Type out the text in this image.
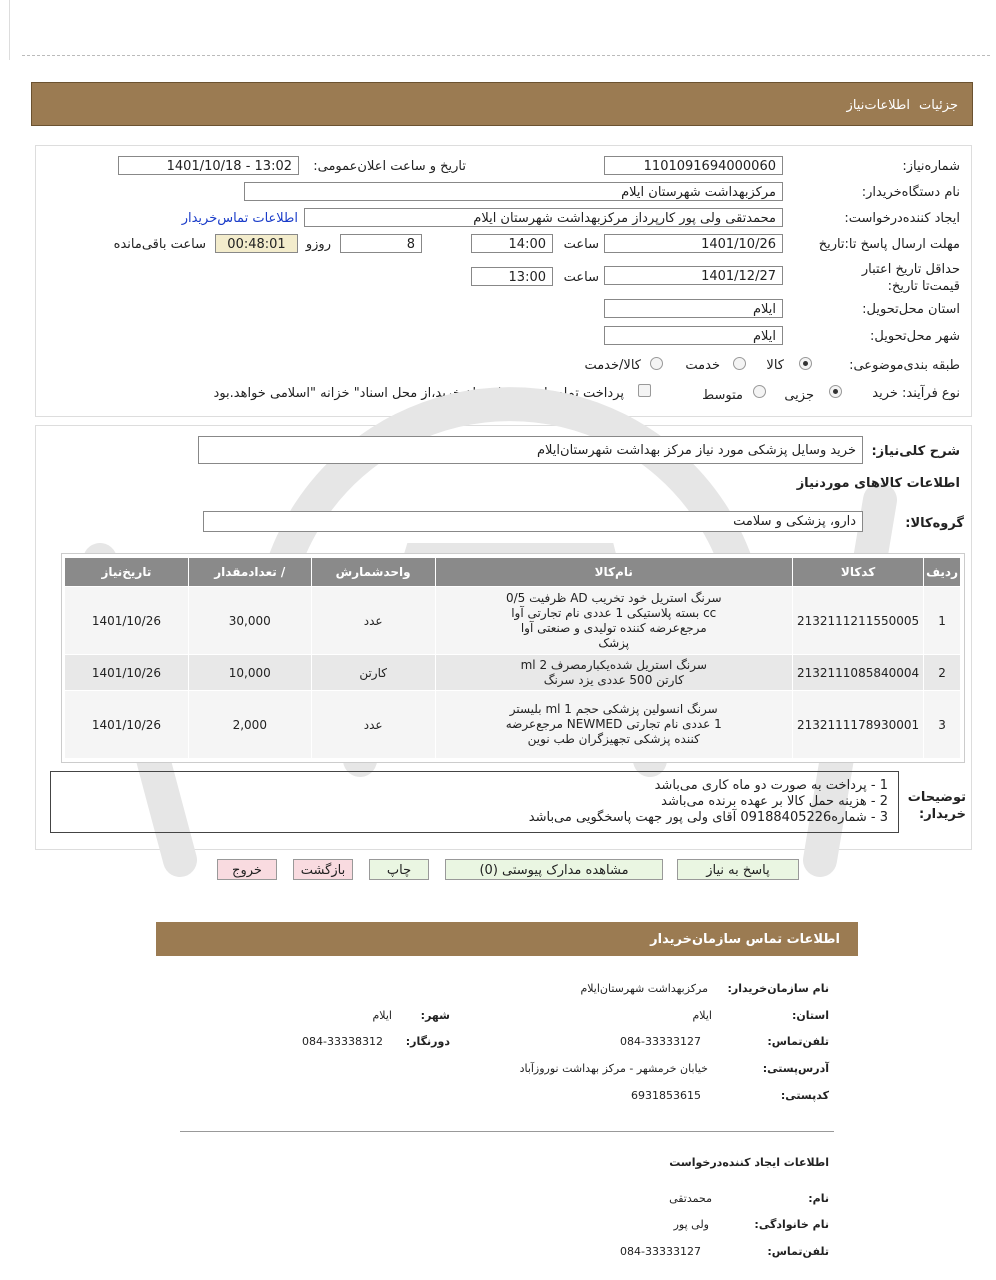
جزئیات
اطلاعات‌نیاز
شماره‌نیاز:
1101091694000060
تاریخ و ساعت اعلان‌عمومی:
1401/10/18 - 13:02
نام دستگاه‌خریدار:
مرکزبهداشت شهرستان ایلام
ایجاد کننده‌درخواست:
محمدتقی ولی پور کارپرداز مرکزبهداشت شهرستان ایلام
اطلاعات تماس‌خریدار
مهلت ارسال پاسخ تا:تاریخ
1401/10/26
ساعت
14:00
8
روزو
00:48:01
ساعت باقی‌مانده
حداقل تاریخ اعتبار قیمت‌تا تاریخ:
1401/12/27
ساعت
13:00
استان محل‌تحویل:
ایلام
شهر محل‌تحویل:
ایلام
طبقه بندی‌موضوعی:
کالا
خدمت
کالا/خدمت
نوع فرآیند: خرید
جزیی
متوسط
پرداخت تمام یا بخشی از مبلغ خرید،از محل اسناد" خزانه "اسلامی خواهد.بود
شرح کلی‌نیاز:
خرید وسایل پزشکی مورد نیاز مرکز بهداشت شهرستان‌ایلام
اطلاعات کالاهای موردنیاز
گروه‌کالا:
دارو، پزشکی و سلامت
ردیف	کدکالا	نام‌کالا	واحدشمارش	/ تعدادمقدار	تاریخ‌نیاز
1	2132111211550005	سرنگ استریل خود تخریب AD ظرفیت 0/5 cc بسته پلاستیکی 1 عددی نام تجارتی آوا مرجع‌عرضه کننده تولیدی و صنعتی آوا پزشک	عدد	30,000	1401/10/26
2	2132111085840004	سرنگ استریل شده‌یکبارمصرف 2 ml کارتن 500 عددی یزد سرنگ	کارتن	10,000	1401/10/26
3	2132111178930001	سرنگ انسولین پزشکی حجم 1 ml بلیستر 1 عددی نام تجارتی NEWMED مرجع‌عرضه کننده پزشکی تجهیزگران طب نوین	عدد	2,000	1401/10/26
توضیحات خریدار:
1 - پرداخت به صورت دو ماه کاری می‌باشد
2 - هزینه حمل کالا بر عهده برنده می‌باشد
3 - شماره09188405226 آقای ولی پور جهت پاسخگویی می‌باشد
پاسخ به نیاز
مشاهده مدارک پیوستی (0)
چاپ
بازگشت
خروج
اطلاعات تماس سازمان‌خریدار
نام سازمان‌خریدار:
مرکزبهداشت شهرستان‌ایلام
استان:
ایلام
شهر:
ایلام
تلفن‌تماس:
084-33333127
دورنگار:
084-33338312
آدرس‌پستی:
خیابان خرمشهر - مرکز بهداشت نوروزآباد
کد‌پستی:
6931853615
اطلاعات ایجاد کننده‌درخواست
نام:
محمدتقی
نام خانوادگی:
ولی پور
تلفن‌تماس:
084-33333127
